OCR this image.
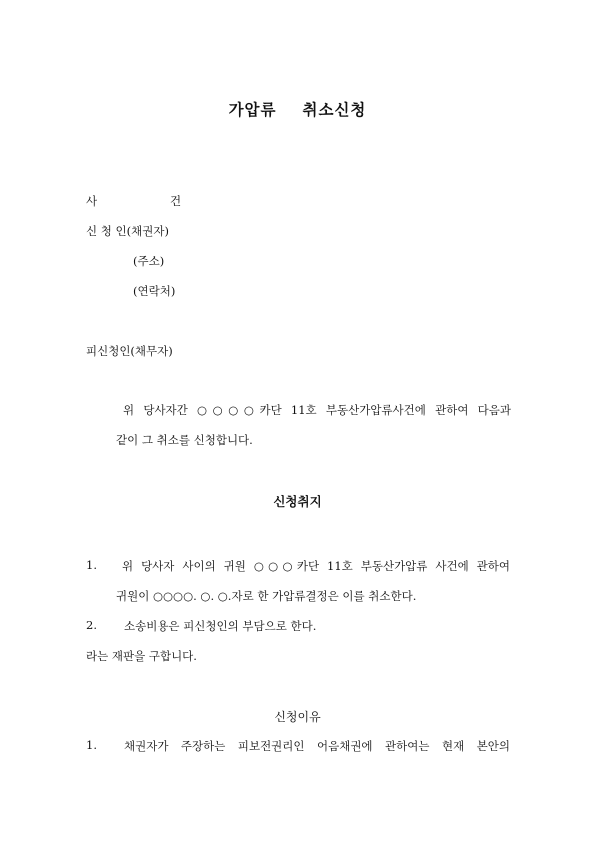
가압류 취소신청
사	건
신 청 인(채권자)
(주소)
(연락처)
피신청인(채무자)
위 당사자간 ○○○○카단 11호 부동산가압류사건에 관하여 다음과
같이 그 취소를 신청합니다.
신청취지
1. 위 당사자 사이의 귀원 ○○○카단 11호 부동산가압류 사건에 관하여
귀원이 ○○○○. ○. ○.자로 한 가압류결정은 이를 취소한다.
2. 소송비용은 피신청인의 부담으로 한다.
라는 재판을 구합니다.
신청이유
1. 채권자가 주장하는 피보전권리인 어음채권에 관하여는 현재 본안의
